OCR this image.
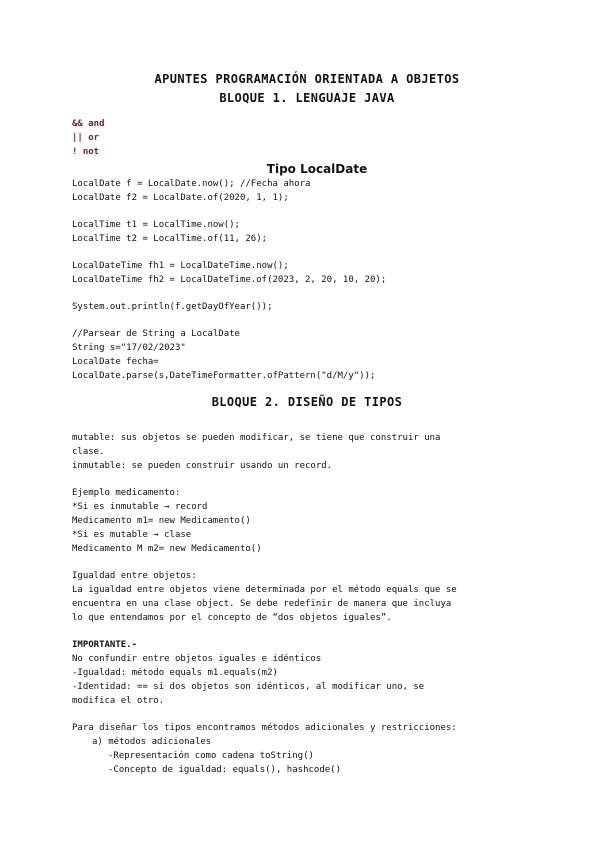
APUNTES PROGRAMACIÓN ORIENTADA A OBJETOS

BLOQUE 1. LENGUAJE JAVA

&& and
|| or
! not
Tipo LocalDate
LocalDate f = LocalDate.now(); //Fecha ahora
LocalDate f2 = LocalDate.of(2020, 1, 1);
LocalTime t1 = LocalTime.now();
LocalTime t2 = LocalTime.of(11, 26);
LocalDateTime fh1 = LocalDateTime.now();
LocalDateTime fh2 = LocalDateTime.of(2023, 2, 20, 10, 20);
System.out.println(f.getDayOfYear());
//Parsear de String a LocalDate
String s="17/02/2023"
LocalDate fecha=
LocalDate.parse(s,DateTimeFormatter.ofPattern("d/M/y"));
BLOQUE 2. DISEÑO DE TIPOS
mutable: sus objetos se pueden modificar, se tiene que construir una
clase.
inmutable: se pueden construir usando un record.
Ejemplo medicamento:
*Si es inmutable → record
Medicamento m1= new Medicamento()
*Si es mutable → clase
Medicamento M m2= new Medicamento()
Igualdad entre objetos:
La igualdad entre objetos viene determinada por el método equals que se
encuentra en una clase object. Se debe redefinir de manera que incluya
lo que entendamos por el concepto de “dos objetos iguales”.
IMPORTANTE.-
No confundir entre objetos iguales e idénticos
-Igualdad: método equals m1.equals(m2)
-Identidad: == si dos objetos son idénticos, al modificar uno, se
modifica el otro.
Para diseñar los tipos encontramos métodos adicionales y restricciones:
a) métodos adicionales
-Representación como cadena toString()
-Concepto de igualdad: equals(), hashcode()
